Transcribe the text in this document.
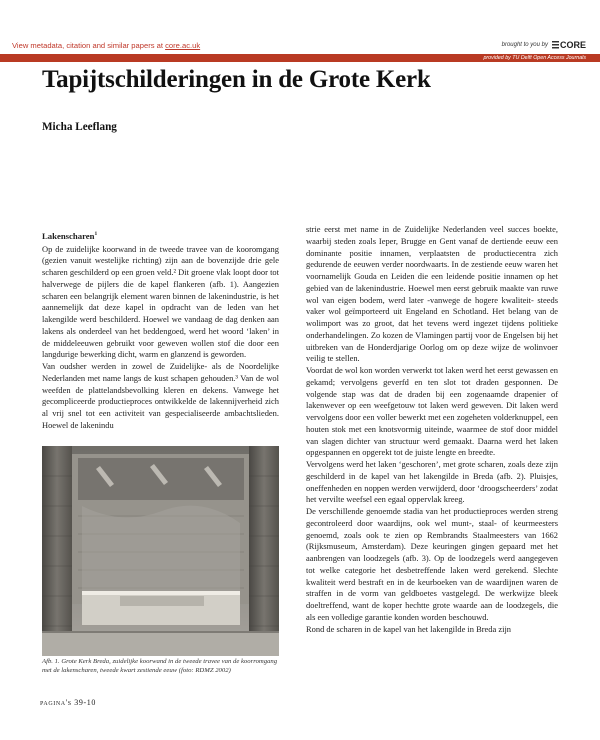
View metadata, citation and similar papers at core.ac.uk	brought to you by CORE
provided by TU Delft Open Access Journals
Tapijtschilderingen in de Grote Kerk
Micha Leeflang
Lakenscharen$^1$

Op de zuidelijke koorwand in de tweede travee van de kooromgang (gezien vanuit westelijke richting) zijn aan de bovenzijde drie gele scharen geschilderd op een groen veld.² Dit groene vlak loopt door tot halverwege de pijlers die de kapel flankeren (afb. 1). Aangezien scharen een belangrijk element waren binnen de lakenindustrie, is het aannemelijk dat deze kapel in opdracht van de leden van het lakengilde werd beschilderd. Hoewel we vandaag de dag denken aan lakens als onderdeel van het beddengoed, werd het woord ‘laken’ in de middeleeuwen gebruikt voor geweven wollen stof die door een langdurige bewerking dicht, warm en glanzend is geworden.

Van oudsher werden in zowel de Zuidelijke- als de Noordelijke Nederlanden met name langs de kust schapen gehouden.³ Van de wol weefden de plattelandsbevolking kleren en dekens. Vanwege het gecompliceerde productieproces ontwikkelde de lakennijverheid zich al vrij snel tot een activiteit van gespecialiseerde ambachtslieden. Hoewel de lakenindu

Afb. 1. Grote Kerk Breda, zuidelijke koorwand in de tweede travee van de koorromgang met de lakenscharen, tweede kwart zestiende eeuw (foto: RDMZ 2002)

strie eerst met name in de Zuidelijke Nederlanden veel succes boekte, waarbij steden zoals Ieper, Brugge en Gent vanaf de dertiende eeuw een dominante positie innamen, verplaatsten de productiecentra zich gedurende de eeuwen verder noordwaarts. In de zestiende eeuw waren het voornamelijk Gouda en Leiden die een leidende positie innamen op het gebied van de lakenindustrie. Hoewel men eerst gebruik maakte van ruwe wol van eigen bodem, werd later -vanwege de hogere kwaliteit- steeds vaker wol geïmporteerd uit Engeland en Schotland. Het belang van de wolimport was zo groot, dat het tevens werd ingezet tijdens politieke onderhandelingen. Zo kozen de Vlamingen partij voor de Engelsen bij het uitbreken van de Honderdjarige Oorlog om op deze wijze de wolinvoer veilig te stellen.

Voordat de wol kon worden verwerkt tot laken werd het eerst gewassen en gekamd; vervolgens geverfd en ten slot tot draden gesponnen. De volgende stap was dat de draden bij een zogenaamde drapenier of lakenwever op een weefgetouw tot laken werd geweven. Dit laken werd vervolgens door een voller bewerkt met een zogeheten volderknuppel, een houten stok met een knotsvormig uiteinde, waarmee de stof door middel van slagen dichter van structuur werd gemaakt. Daarna werd het laken opgespannen en opgerekt tot de juiste lengte en breedte.

Vervolgens werd het laken ‘geschoren’, met grote scharen, zoals deze zijn geschilderd in de kapel van het lakengilde in Breda (afb. 2). Pluisjes, oneffenheden en noppen werden verwijderd, door ‘droogscheerders’ zodat het vervilte weefsel een egaal oppervlak kreeg.

De verschillende genoemde stadia van het productieproces werden streng gecontroleerd door waardijns, ook wel munt-, staal- of keurmeesters genoemd, zoals ook te zien op Rembrandts Staalmeesters van 1662 (Rijksmuseum, Amsterdam). Deze keuringen gingen gepaard met het aanbrengen van loodzegels (afb. 3). Op de loodzegels werd aangegeven tot welke categorie het desbetreffende laken werd gerekend. Slechte kwaliteit werd bestraft en in de keurboeken van de waardijnen waren de straffen in de vorm van geldboetes vastgelegd. De werkwijze bleek doeltreffend, want de koper hechtte grote waarde aan de loodzegels, die als een volledige garantie konden worden beschouwd.

Rond de scharen in de kapel van het lakengilde in Breda zijn

pagina's 39-10
